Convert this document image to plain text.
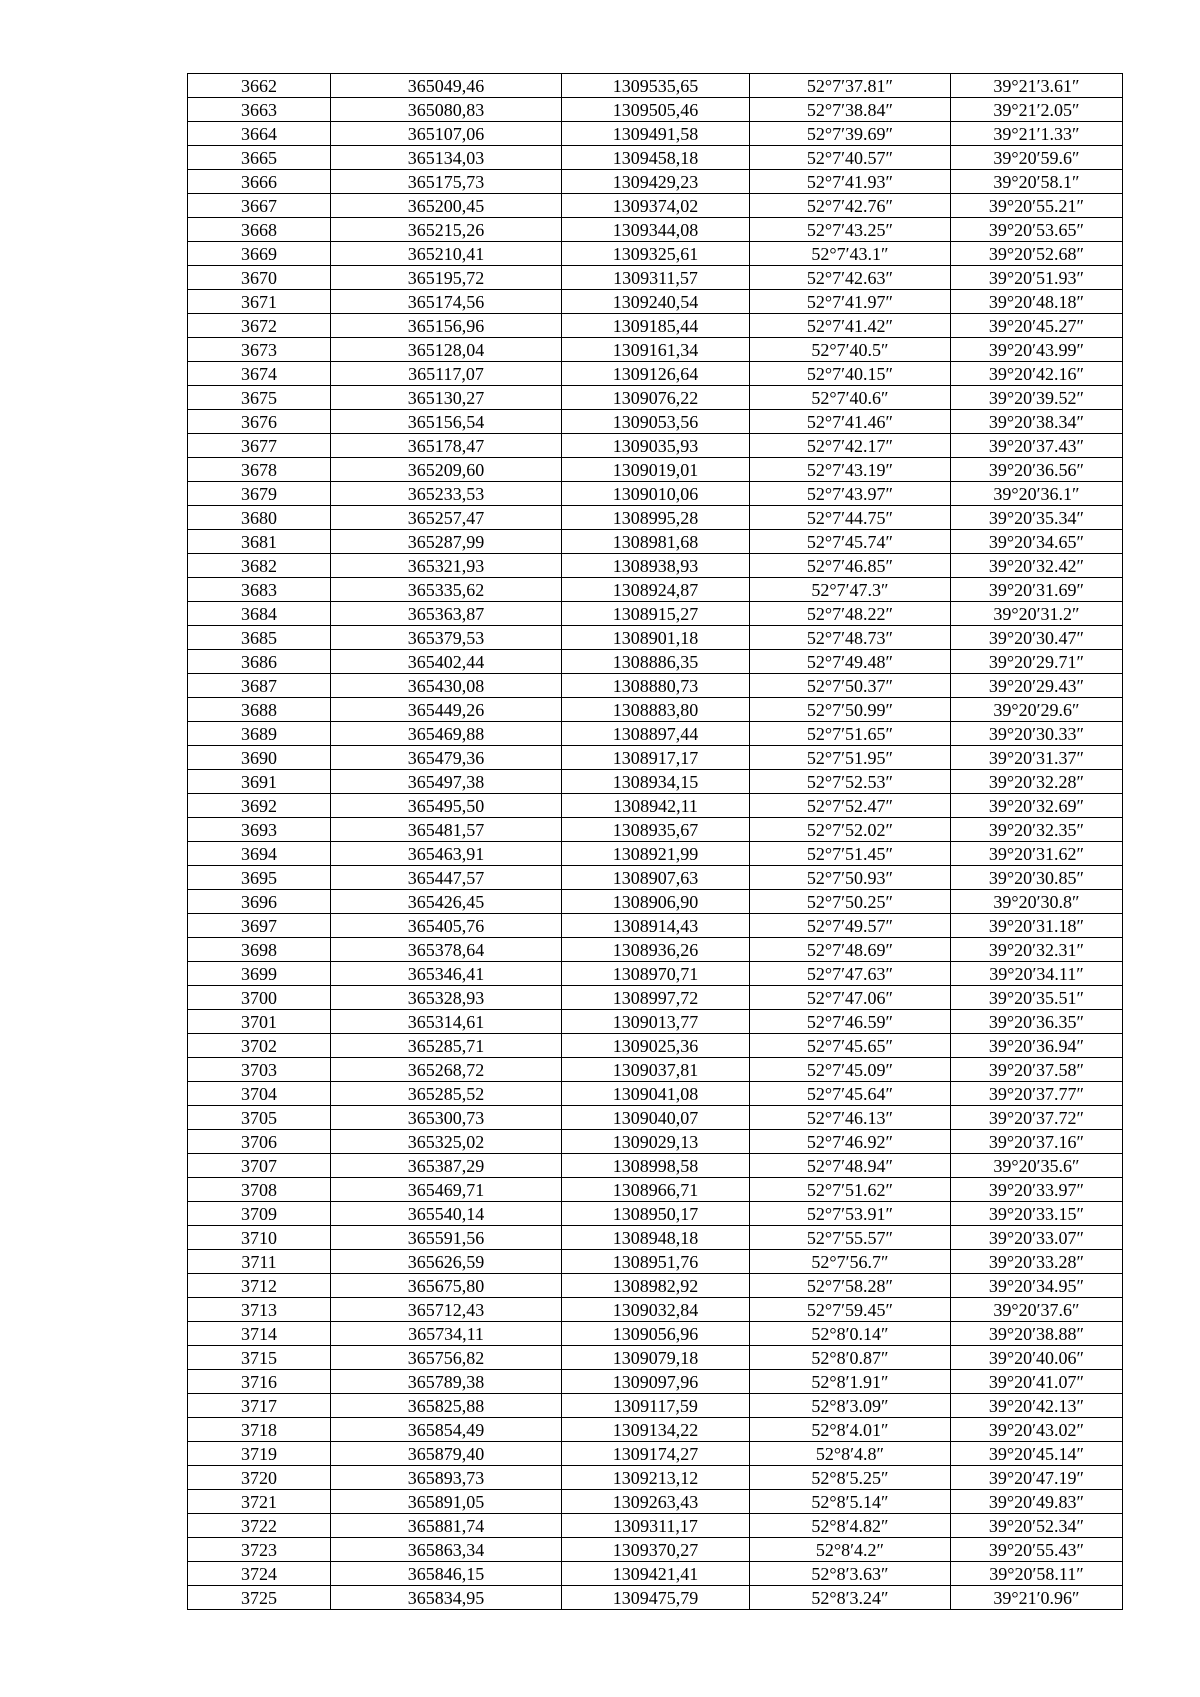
3662	365049,46	1309535,65	52°7′37.81″	39°21′3.61″
3663	365080,83	1309505,46	52°7′38.84″	39°21′2.05″
3664	365107,06	1309491,58	52°7′39.69″	39°21′1.33″
3665	365134,03	1309458,18	52°7′40.57″	39°20′59.6″
3666	365175,73	1309429,23	52°7′41.93″	39°20′58.1″
3667	365200,45	1309374,02	52°7′42.76″	39°20′55.21″
3668	365215,26	1309344,08	52°7′43.25″	39°20′53.65″
3669	365210,41	1309325,61	52°7′43.1″	39°20′52.68″
3670	365195,72	1309311,57	52°7′42.63″	39°20′51.93″
3671	365174,56	1309240,54	52°7′41.97″	39°20′48.18″
3672	365156,96	1309185,44	52°7′41.42″	39°20′45.27″
3673	365128,04	1309161,34	52°7′40.5″	39°20′43.99″
3674	365117,07	1309126,64	52°7′40.15″	39°20′42.16″
3675	365130,27	1309076,22	52°7′40.6″	39°20′39.52″
3676	365156,54	1309053,56	52°7′41.46″	39°20′38.34″
3677	365178,47	1309035,93	52°7′42.17″	39°20′37.43″
3678	365209,60	1309019,01	52°7′43.19″	39°20′36.56″
3679	365233,53	1309010,06	52°7′43.97″	39°20′36.1″
3680	365257,47	1308995,28	52°7′44.75″	39°20′35.34″
3681	365287,99	1308981,68	52°7′45.74″	39°20′34.65″
3682	365321,93	1308938,93	52°7′46.85″	39°20′32.42″
3683	365335,62	1308924,87	52°7′47.3″	39°20′31.69″
3684	365363,87	1308915,27	52°7′48.22″	39°20′31.2″
3685	365379,53	1308901,18	52°7′48.73″	39°20′30.47″
3686	365402,44	1308886,35	52°7′49.48″	39°20′29.71″
3687	365430,08	1308880,73	52°7′50.37″	39°20′29.43″
3688	365449,26	1308883,80	52°7′50.99″	39°20′29.6″
3689	365469,88	1308897,44	52°7′51.65″	39°20′30.33″
3690	365479,36	1308917,17	52°7′51.95″	39°20′31.37″
3691	365497,38	1308934,15	52°7′52.53″	39°20′32.28″
3692	365495,50	1308942,11	52°7′52.47″	39°20′32.69″
3693	365481,57	1308935,67	52°7′52.02″	39°20′32.35″
3694	365463,91	1308921,99	52°7′51.45″	39°20′31.62″
3695	365447,57	1308907,63	52°7′50.93″	39°20′30.85″
3696	365426,45	1308906,90	52°7′50.25″	39°20′30.8″
3697	365405,76	1308914,43	52°7′49.57″	39°20′31.18″
3698	365378,64	1308936,26	52°7′48.69″	39°20′32.31″
3699	365346,41	1308970,71	52°7′47.63″	39°20′34.11″
3700	365328,93	1308997,72	52°7′47.06″	39°20′35.51″
3701	365314,61	1309013,77	52°7′46.59″	39°20′36.35″
3702	365285,71	1309025,36	52°7′45.65″	39°20′36.94″
3703	365268,72	1309037,81	52°7′45.09″	39°20′37.58″
3704	365285,52	1309041,08	52°7′45.64″	39°20′37.77″
3705	365300,73	1309040,07	52°7′46.13″	39°20′37.72″
3706	365325,02	1309029,13	52°7′46.92″	39°20′37.16″
3707	365387,29	1308998,58	52°7′48.94″	39°20′35.6″
3708	365469,71	1308966,71	52°7′51.62″	39°20′33.97″
3709	365540,14	1308950,17	52°7′53.91″	39°20′33.15″
3710	365591,56	1308948,18	52°7′55.57″	39°20′33.07″
3711	365626,59	1308951,76	52°7′56.7″	39°20′33.28″
3712	365675,80	1308982,92	52°7′58.28″	39°20′34.95″
3713	365712,43	1309032,84	52°7′59.45″	39°20′37.6″
3714	365734,11	1309056,96	52°8′0.14″	39°20′38.88″
3715	365756,82	1309079,18	52°8′0.87″	39°20′40.06″
3716	365789,38	1309097,96	52°8′1.91″	39°20′41.07″
3717	365825,88	1309117,59	52°8′3.09″	39°20′42.13″
3718	365854,49	1309134,22	52°8′4.01″	39°20′43.02″
3719	365879,40	1309174,27	52°8′4.8″	39°20′45.14″
3720	365893,73	1309213,12	52°8′5.25″	39°20′47.19″
3721	365891,05	1309263,43	52°8′5.14″	39°20′49.83″
3722	365881,74	1309311,17	52°8′4.82″	39°20′52.34″
3723	365863,34	1309370,27	52°8′4.2″	39°20′55.43″
3724	365846,15	1309421,41	52°8′3.63″	39°20′58.11″
3725	365834,95	1309475,79	52°8′3.24″	39°21′0.96″
